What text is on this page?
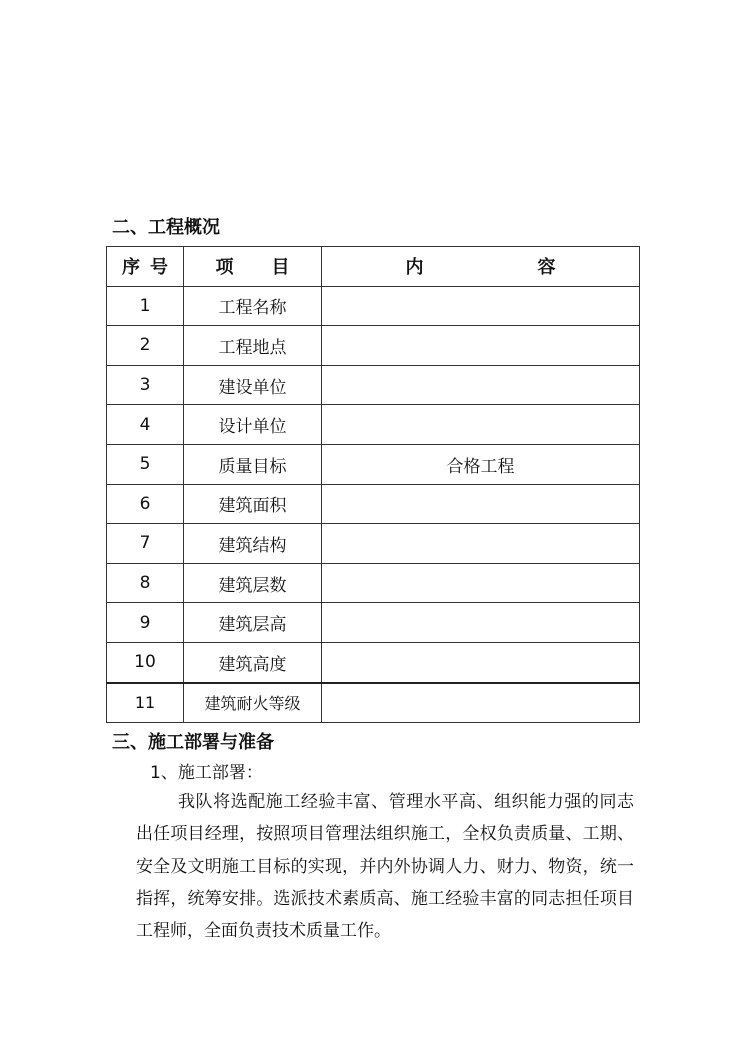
二、工程概况
序 号	项 目	内 容

1	工程名称	
2	工程地点	
3	建设单位	
4	设计单位	
5	质量目标	合格工程
6	建筑面积	
7	建筑结构	
8	建筑层数	
9	建筑层高	
10	建筑高度	
11	建筑耐火等级	
三、施工部署与准备
1、施工部署：

我队将选配施工经验丰富、管理水平高、组织能力强的同志出任项目经理，按照项目管理法组织施工，全权负责质量、工期、安全及文明施工目标的实现，并内外协调人力、财力、物资，统一指挥，统筹安排。选派技术素质高、施工经验丰富的同志担任项目工程师，全面负责技术质量工作。
